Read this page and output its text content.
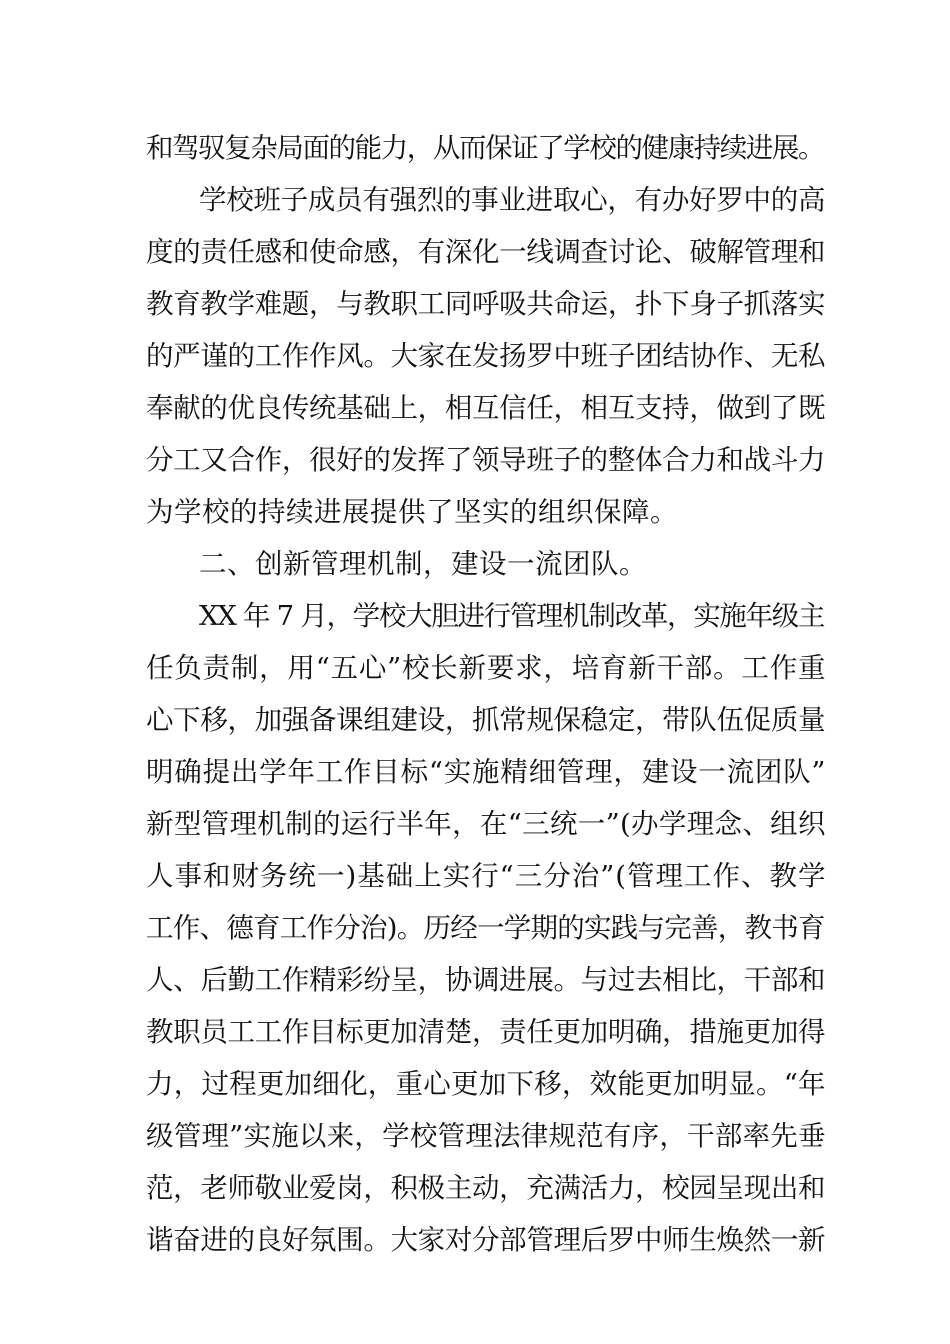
和驾驭复杂局面的能力，从而保证了学校的健康持续进展。
学校班子成员有强烈的事业进取心，有办好罗中的高
度的责任感和使命感，有深化一线调查讨论、破解管理和
教育教学难题，与教职工同呼吸共命运，扑下身子抓落实
的严谨的工作作风。大家在发扬罗中班子团结协作、无私
奉献的优良传统基础上，相互信任，相互支持，做到了既
分工又合作，很好的发挥了领导班子的整体合力和战斗力
为学校的持续进展提供了坚实的组织保障。
二、创新管理机制，建设一流团队。
XX 年 7 月，学校大胆进行管理机制改革，实施年级主
任负责制，用“五心”校长新要求，培育新干部。工作重
心下移，加强备课组建设，抓常规保稳定，带队伍促质量
明确提出学年工作目标“实施精细管理，建设一流团队”
新型管理机制的运行半年，在“三统一”(办学理念、组织
人事和财务统一)基础上实行“三分治”(管理工作、教学
工作、德育工作分治)。历经一学期的实践与完善，教书育
人、后勤工作精彩纷呈，协调进展。与过去相比，干部和
教职员工工作目标更加清楚，责任更加明确，措施更加得
力，过程更加细化，重心更加下移，效能更加明显。“年
级管理”实施以来，学校管理法律规范有序，干部率先垂
范，老师敬业爱岗，积极主动，充满活力，校园呈现出和
谐奋进的良好氛围。大家对分部管理后罗中师生焕然一新
